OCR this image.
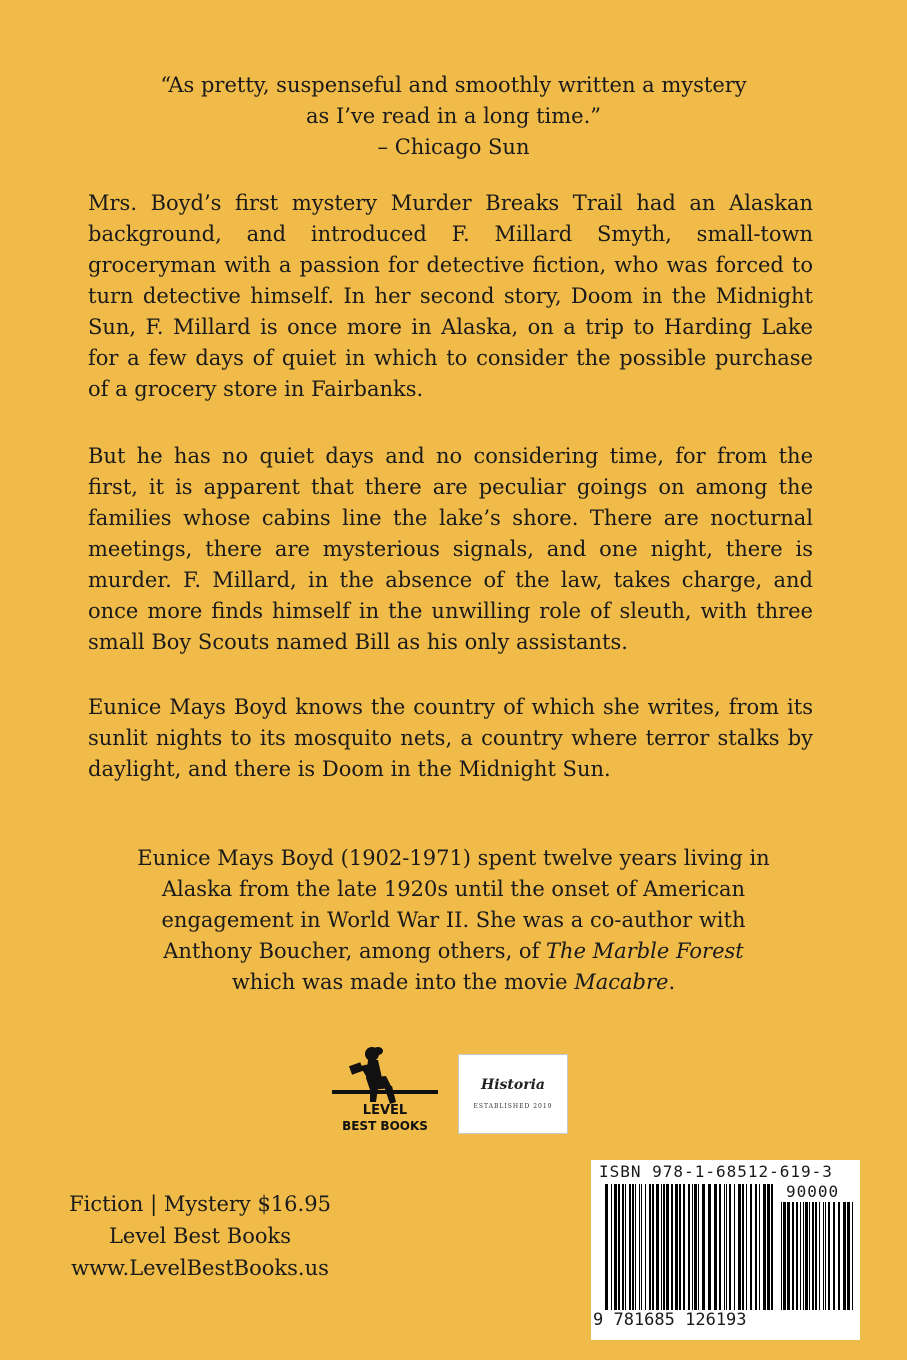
“As pretty, suspenseful and smoothly written a mystery

as I’ve read in a long time.”

– Chicago Sun

Mrs. Boyd’s first mystery Murder Breaks Trail had an Alaskan background, and introduced F. Millard Smyth, small-town groceryman with a passion for detective fiction, who was forced to turn detective himself. In her second story, Doom in the Midnight Sun, F. Millard is once more in Alaska, on a trip to Harding Lake for a few days of quiet in which to consider the possible purchase of a grocery store in Fairbanks.

But he has no quiet days and no considering time, for from the first, it is apparent that there are peculiar goings on among the families whose cabins line the lake’s shore. There are nocturnal meetings, there are mysterious signals, and one night, there is murder. F. Millard, in the absence of the law, takes charge, and once more finds himself in the unwilling role of sleuth, with three small Boy Scouts named Bill as his only assistants.

Eunice Mays Boyd knows the country of which she writes, from its sunlit nights to its mosquito nets, a country where terror stalks by daylight, and there is Doom in the Midnight Sun.

Eunice Mays Boyd (1902-1971) spent twelve years living in

Alaska from the late 1920s until the onset of American

engagement in World War II. She was a co-author with

Anthony Boucher, among others, of The Marble Forest

which was made into the movie Macabre.

LEVEL
BEST BOOKS
Historia
ESTABLISHED 2019
Fiction | Mystery $16.95
Level Best Books
www.LevelBestBooks.us
ISBN 978-1-68512-619-3
90000
9 781685 126193
